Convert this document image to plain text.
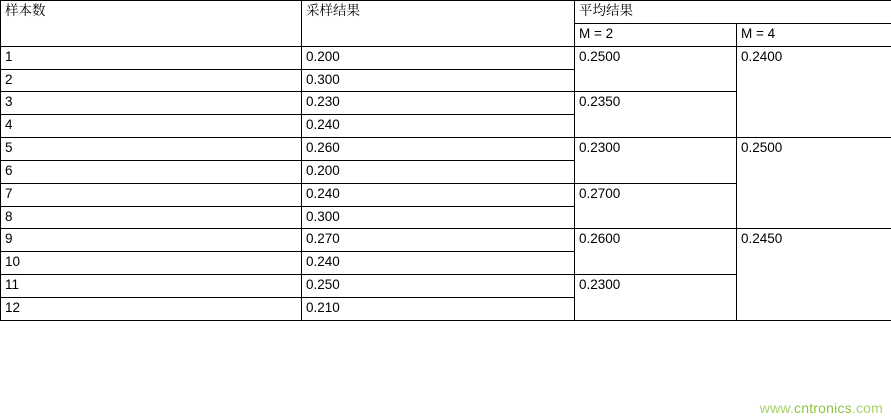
样本数	采样结果	平均结果	
		M = 2	M = 4
1	0.200	0.2500	0.2400
2	0.300		
3	0.230	0.2350	
4	0.240		
5	0.260	0.2300	0.2500
6	0.200		
7	0.240	0.2700	
8	0.300		
9	0.270	0.2600	0.2450
10	0.240		
11	0.250	0.2300	
12	0.210		
www.cntronics.com
